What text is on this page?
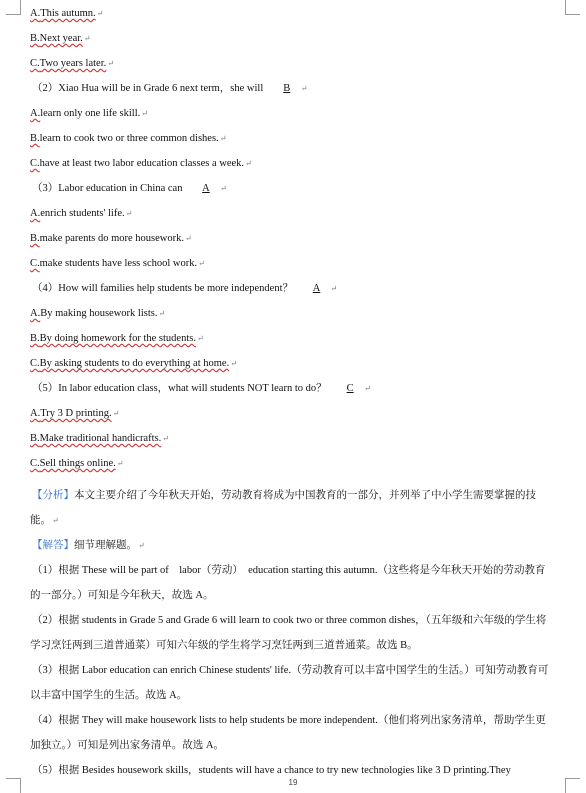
A.This autumn.↵
B.Next year.↵
C.Two years later.↵
（2）Xiao Hua will be in Grade 6 next term，she will　 B ↵
A.learn only one life skill.↵
B.learn to cook two or three common dishes.↵
C.have at least two labor education classes a week.↵
（3）Labor education in China can　 A ↵
A.enrich students' life.↵
B.make parents do more housework.↵
C.make students have less school work.↵
（4）How will families help students be more independent？　 A ↵
A.By making housework lists.↵
B.By doing homework for the students.↵
C.By asking students to do everything at home.↵
（5）In labor education class，what will students NOT learn to do？　 C ↵
A.Try 3 D printing.↵
B.Make traditional handicrafts.↵
C.Sell things online.↵
【分析】本文主要介绍了今年秋天开始，劳动教育将成为中国教育的一部分，并列举了中小学生需要掌握的技能。↵
【解答】细节理解题。↵
（1）根据 These will be part of　labor（劳动）　education starting this autumn.（这些将是今年秋天开始的劳动教育的一部分。）可知是今年秋天，故选 A。
（2）根据 students in Grade 5 and Grade 6 will learn to cook two or three common dishes，（五年级和六年级的学生将学习烹饪两到三道普通菜）可知六年级的学生将学习烹饪两到三道普通菜。故选 B。
（3）根据 Labor education can enrich Chinese students' life.（劳动教育可以丰富中国学生的生活。）可知劳动教育可以丰富中国学生的生活。故选 A。
（4）根据 They will make housework lists to help students be more independent.（他们将列出家务清单，帮助学生更加独立。）可知是列出家务清单。故选 A。
（5）根据 Besides housework skills，students will have a chance to try new technologies like 3 D printing.They
19
